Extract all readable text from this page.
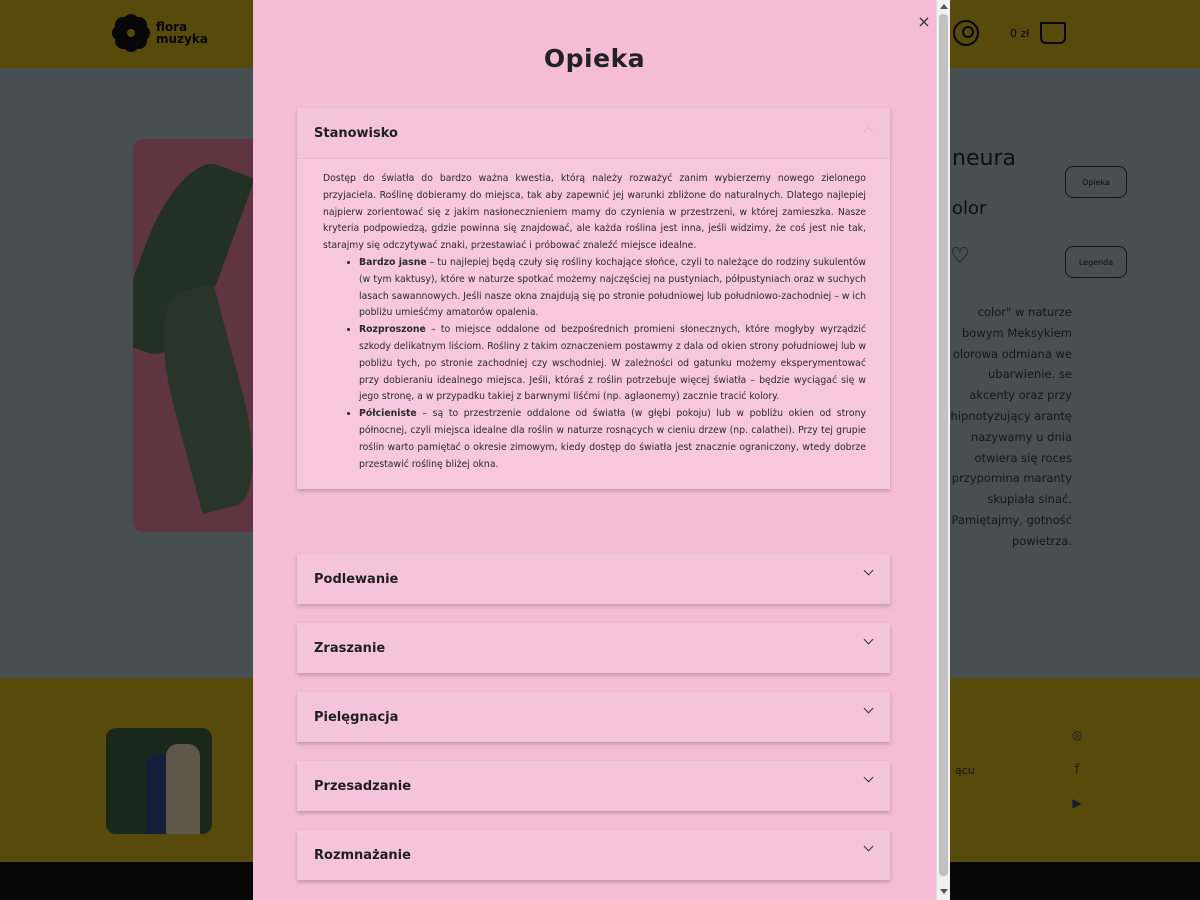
×
Opieka
Stanowisko

Dostęp do światła do bardzo ważna kwestia, którą należy rozważyć zanim wybierzemy nowego zielonego przyjaciela. Roślinę dobieramy do miejsca, tak aby zapewnić jej warunki zbliżone do naturalnych. Dlatego najlepiej najpierw zorientować się z jakim nasłonecznieniem mamy do czynienia w przestrzeni, w której zamieszka. Nasze kryteria podpowiedzą, gdzie powinna się znajdować, ale każda roślina jest inna, jeśli widzimy, że coś jest nie tak, starajmy się odczytywać znaki, przestawiać i próbować znaleźć miejsce idealne.

• Bardzo jasne – tu najlepiej będą czuły się rośliny kochające słońce, czyli to należące do rodziny sukulentów (w tym kaktusy), które w naturze spotkać możemy najczęściej na pustyniach, półpustyniach oraz w suchych lasach sawannowych. Jeśli nasze okna znajdują się po stronie południowej lub południowo-zachodniej – w ich pobliżu umieśćmy amatorów opalenia.
• Rozproszone – to miejsce oddalone od bezpośrednich promieni słonecznych, które mogłyby wyrządzić szkody delikatnym liściom. Rośliny z takim oznaczeniem postawmy z dala od okien strony południowej lub w pobliżu tych, po stronie zachodniej czy wschodniej. W zależności od gatunku możemy eksperymentować przy dobieraniu idealnego miejsca. Jeśli, któraś z roślin potrzebuje więcej światła – będzie wyciągać się w jego stronę, a w przypadku takiej z barwnymi liśćmi (np. aglaonemy) zacznie tracić kolory.
• Półcieniste – są to przestrzenie oddalone od światła (w głębi pokoju) lub w pobliżu okien od strony północnej, czyli miejsca idealne dla roślin w naturze rosnących w cieniu drzew (np. calathei). Przy tej grupie roślin warto pamiętać o okresie zimowym, kiedy dostęp do światła jest znacznie ograniczony, wtedy dobrze przestawić roślinę bliżej okna.
Podlewanie
Zraszanie
Pielęgnacja
Przesadzanie
Rozmnażanie
